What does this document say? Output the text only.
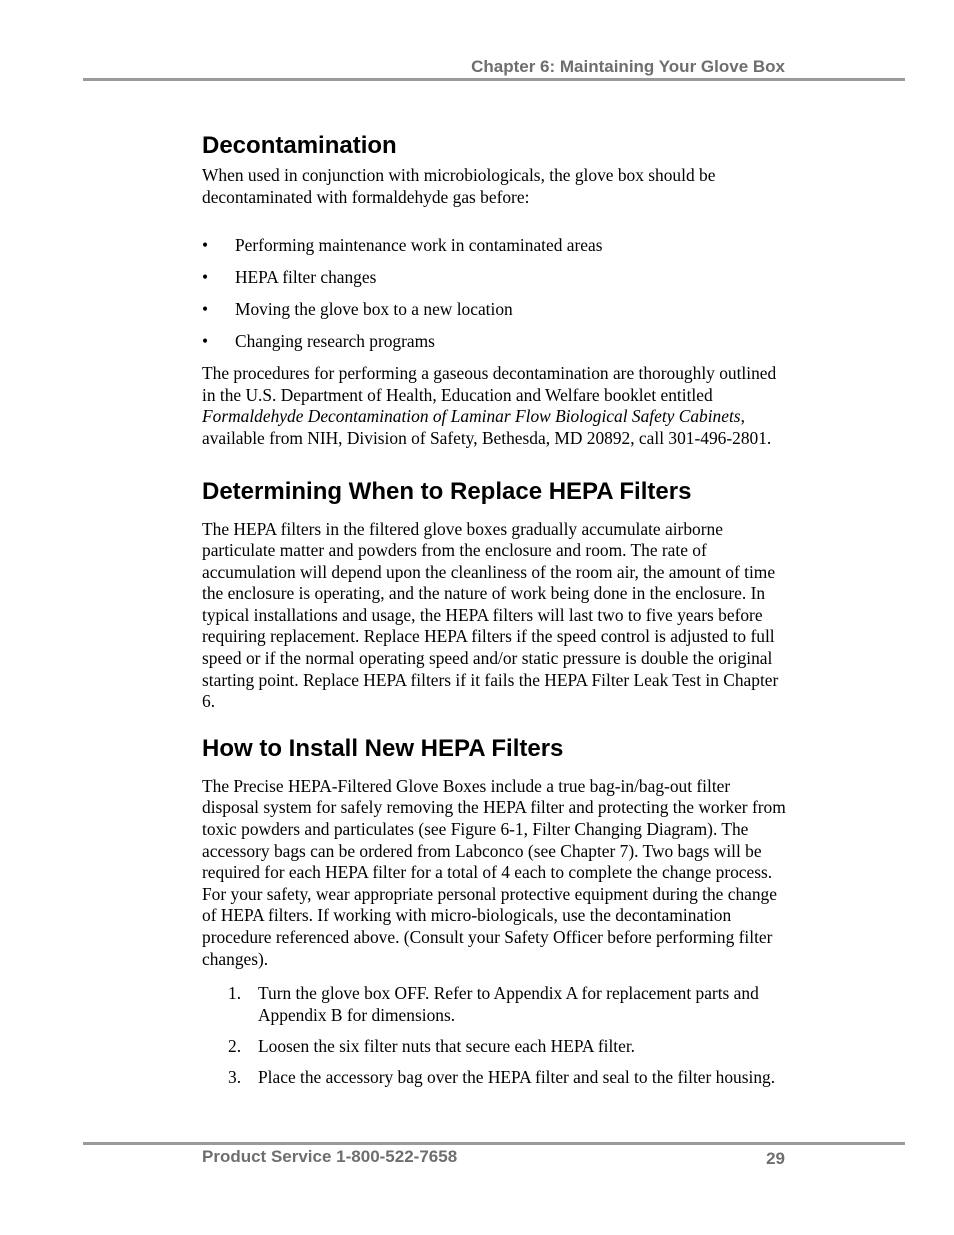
Chapter 6: Maintaining Your Glove Box
Decontamination

When used in conjunction with microbiologicals, the glove box should be decontaminated with formaldehyde gas before:

• Performing maintenance work in contaminated areas
• HEPA filter changes
• Moving the glove box to a new location
• Changing research programs

The procedures for performing a gaseous decontamination are thoroughly outlined in the U.S. Department of Health, Education and Welfare booklet entitled Formaldehyde Decontamination of Laminar Flow Biological Safety Cabinets, available from NIH, Division of Safety, Bethesda, MD 20892, call 301-496-2801.

Determining When to Replace HEPA Filters

The HEPA filters in the filtered glove boxes gradually accumulate airborne particulate matter and powders from the enclosure and room. The rate of accumulation will depend upon the cleanliness of the room air, the amount of time the enclosure is operating, and the nature of work being done in the enclosure. In typical installations and usage, the HEPA filters will last two to five years before requiring replacement. Replace HEPA filters if the speed control is adjusted to full speed or if the normal operating speed and/or static pressure is double the original starting point. Replace HEPA filters if it fails the HEPA Filter Leak Test in Chapter 6.

How to Install New HEPA Filters

The Precise HEPA-Filtered Glove Boxes include a true bag-in/bag-out filter disposal system for safely removing the HEPA filter and protecting the worker from toxic powders and particulates (see Figure 6-1, Filter Changing Diagram). The accessory bags can be ordered from Labconco (see Chapter 7). Two bags will be required for each HEPA filter for a total of 4 each to complete the change process. For your safety, wear appropriate personal protective equipment during the change of HEPA filters. If working with micro-biologicals, use the decontamination procedure referenced above. (Consult your Safety Officer before performing filter changes).

1. Turn the glove box OFF. Refer to Appendix A for replacement parts and Appendix B for dimensions.
2. Loosen the six filter nuts that secure each HEPA filter.
3. Place the accessory bag over the HEPA filter and seal to the filter housing.
Product Service 1-800-522-7658	29
